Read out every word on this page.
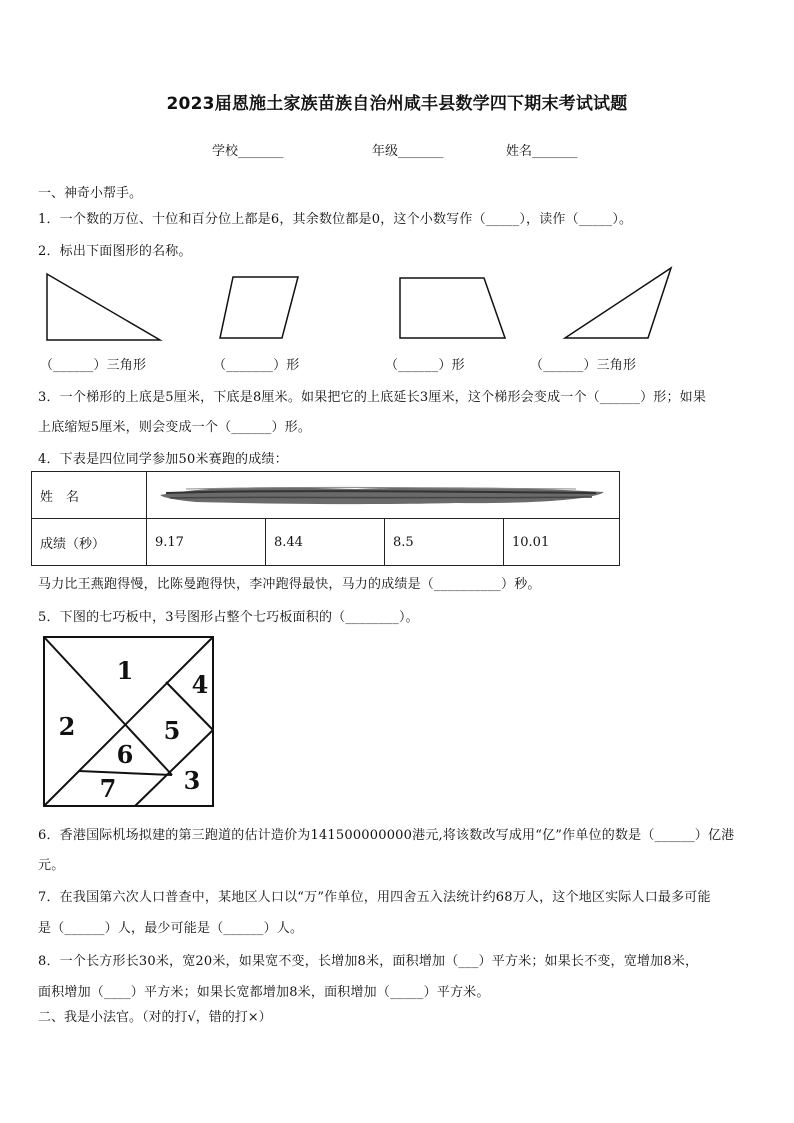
2023届恩施土家族苗族自治州咸丰县数学四下期末考试试题
学校_______	年级_______	姓名_______
一、神奇小帮手。
1．一个数的万位、十位和百分位上都是6，其余数位都是0，这个小数写作（_____），读作（_____）。
2．标出下面图形的名称。
（______）三角形	（_______）形	（______）形	（______）三角形
3．一个梯形的上底是5厘米，下底是8厘米。如果把它的上底延长3厘米，这个梯形会变成一个（______）形；如果
上底缩短5厘米，则会变成一个（______）形。
4．下表是四位同学参加50米赛跑的成绩：
姓　名				
成绩（秒）	9.17	8.44	8.5	10.01
马力比王燕跑得慢，比陈曼跑得快，李冲跑得最快，马力的成绩是（__________）秒。
5．下图的七巧板中，3号图形占整个七巧板面积的（________）。
1
2
3
4
5
6
7
6．香港国际机场拟建的第三跑道的估计造价为141500000000港元,将该数改写成用“亿”作单位的数是（______）亿港
元。
7．在我国第六次人口普查中，某地区人口以“万”作单位，用四舍五入法统计约68万人，这个地区实际人口最多可能
是（______）人，最少可能是（______）人。
8．一个长方形长30米，宽20米，如果宽不变，长增加8米，面积增加（___）平方米；如果长不变，宽增加8米，
面积增加（____）平方米；如果长宽都增加8米，面积增加（_____）平方米。
二、我是小法官。（对的打√，错的打×）
